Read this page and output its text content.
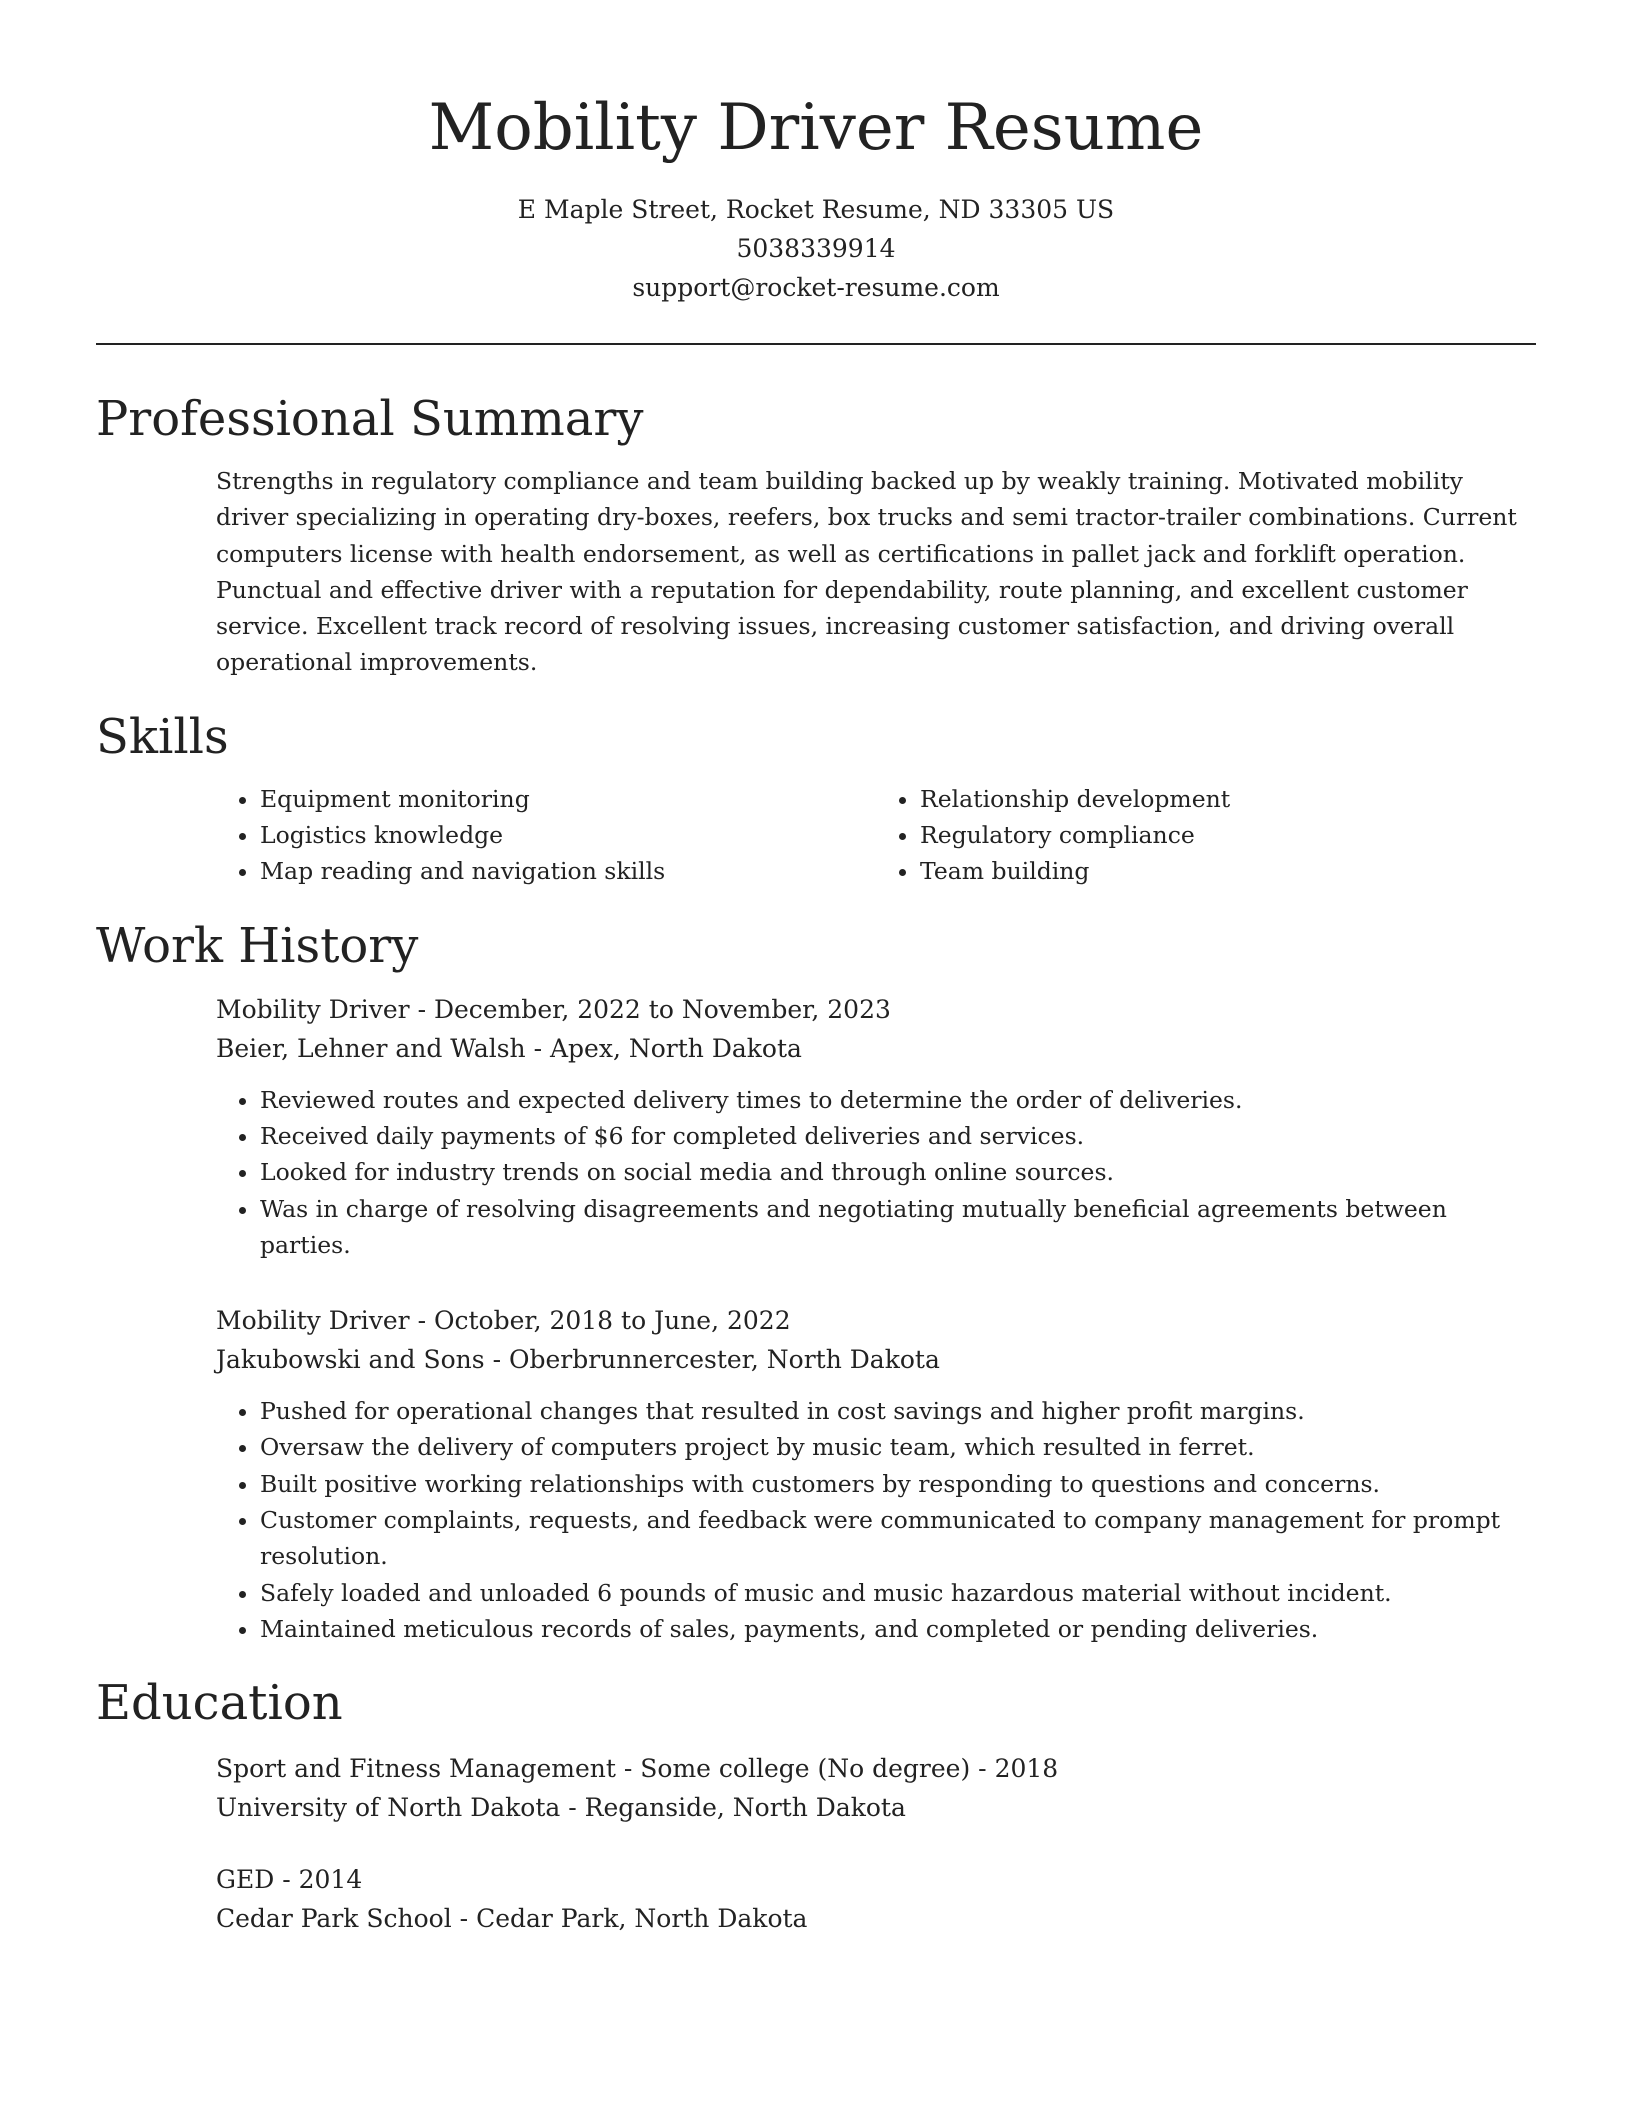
Mobility Driver Resume
E Maple Street, Rocket Resume, ND 33305 US
5038339914
support@rocket-resume.com
Professional Summary
Strengths in regulatory compliance and team building backed up by weakly training. Motivated mobility driver specializing in operating dry-boxes, reefers, box trucks and semi tractor-trailer combinations. Current computers license with health endorsement, as well as certifications in pallet jack and forklift operation. Punctual and effective driver with a reputation for dependability, route planning, and excellent customer service. Excellent track record of resolving issues, increasing customer satisfaction, and driving overall operational improvements.
Skills
• Equipment monitoring
• Logistics knowledge
• Map reading and navigation skills
• Relationship development
• Regulatory compliance
• Team building
Work History
Mobility Driver - December, 2022 to November, 2023
Beier, Lehner and Walsh - Apex, North Dakota
• Reviewed routes and expected delivery times to determine the order of deliveries.
• Received daily payments of $6 for completed deliveries and services.
• Looked for industry trends on social media and through online sources.
• Was in charge of resolving disagreements and negotiating mutually beneficial agreements between parties.
Mobility Driver - October, 2018 to June, 2022
Jakubowski and Sons - Oberbrunnercester, North Dakota
• Pushed for operational changes that resulted in cost savings and higher profit margins.
• Oversaw the delivery of computers project by music team, which resulted in ferret.
• Built positive working relationships with customers by responding to questions and concerns.
• Customer complaints, requests, and feedback were communicated to company management for prompt resolution.
• Safely loaded and unloaded 6 pounds of music and music hazardous material without incident.
• Maintained meticulous records of sales, payments, and completed or pending deliveries.
Education
Sport and Fitness Management - Some college (No degree) - 2018
University of North Dakota - Reganside, North Dakota
GED - 2014
Cedar Park School - Cedar Park, North Dakota
